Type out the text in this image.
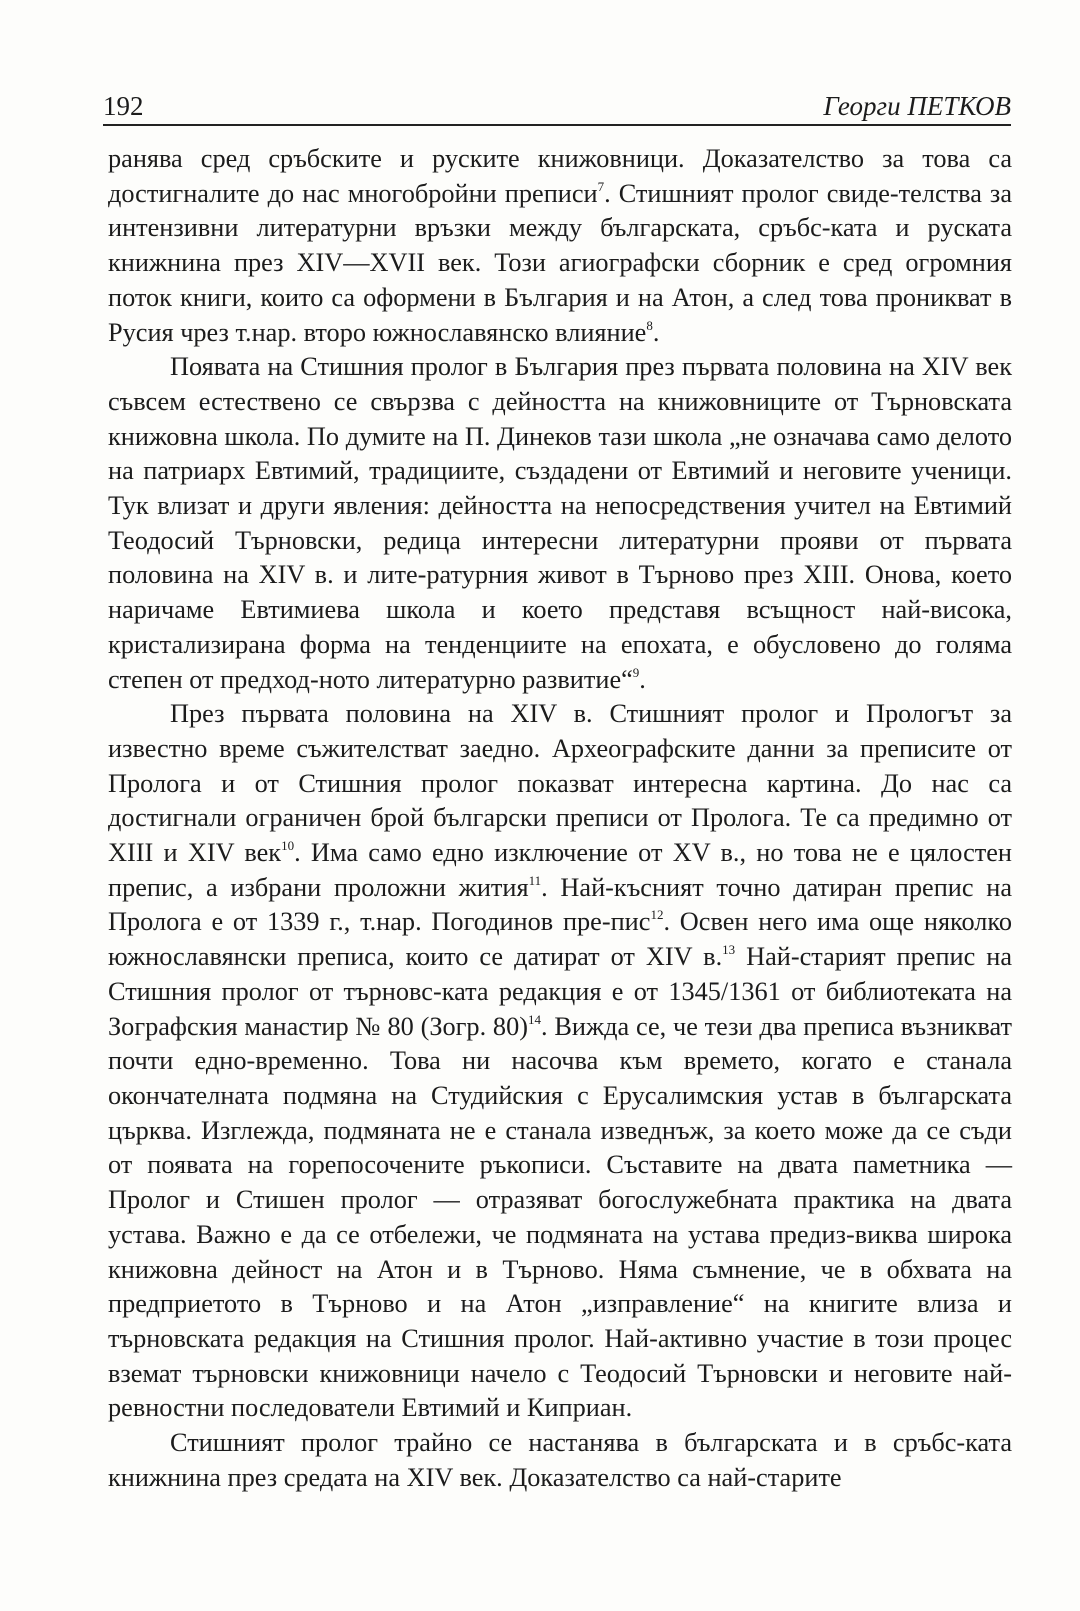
192	Георги ПЕТКОВ

ранява сред сръбските и руските книжовници. Доказателство за това са достигналите до нас многобройни преписи$^7$. Стишният пролог свиде-телства за интензивни литературни връзки между българската, сръбс-ката и руската книжнина през XIV—XVII век. Този агиографски сборник е сред огромния поток книги, които са оформени в България и на Атон, а след това проникват в Русия чрез т.нар. второ южнославянско влияние$^8$.

Появата на Стишния пролог в България през първата половина на XIV век съвсем естествено се свързва с дейността на книжовниците от Търновската книжовна школа. По думите на П. Динеков тази школа „не означава само делото на патриарх Евтимий, традициите, създадени от Евтимий и неговите ученици. Тук влизат и други явления: дейността на непосредствения учител на Евтимий Теодосий Търновски, редица интересни литературни прояви от първата половина на XIV в. и лите-ратурния живот в Търново през XIII. Онова, което наричаме Евтимиева школа и което представя всъщност най-висока, кристализирана форма на тенденциите на епохата, е обусловено до голяма степен от предход-ното литературно развитие“$^9$.

През първата половина на XIV в. Стишният пролог и Прологът за известно време съжителстват заедно. Археографските данни за преписите от Пролога и от Стишния пролог показват интересна картина. До нас са достигнали ограничен брой български преписи от Пролога. Те са предимно от XIII и XIV век$^{10}$. Има само едно изключение от XV в., но това не е цялостен препис, а избрани проложни жития$^{11}$. Най-късният точно датиран препис на Пролога е от 1339 г., т.нар. Погодинов пре-пис$^{12}$. Освен него има още няколко южнославянски преписа, които се датират от XIV в.$^{13}$ Най-старият препис на Стишния пролог от търновс-ката редакция е от 1345/1361 от библиотеката на Зографския манастир № 80 (Зогр. 80)$^{14}$. Вижда се, че тези два преписа възникват почти едно-временно. Това ни насочва към времето, когато е станала окончателната подмяна на Студийския с Ерусалимския устав в българската църква. Изглежда, подмяната не е станала изведнъж, за което може да се съди от появата на горепосочените ръкописи. Съставите на двата паметника — Пролог и Стишен пролог — отразяват богослужебната практика на двата устава. Важно е да се отбележи, че подмяната на устава предиз-виква широка книжовна дейност на Атон и в Търново. Няма съмнение, че в обхвата на предприетото в Търново и на Атон „изправление“ на книгите влиза и търновската редакция на Стишния пролог. Най-активно участие в този процес вземат търновски книжовници начело с Теодосий Търновски и неговите най-ревностни последователи Евтимий и Киприан.

Стишният пролог трайно се настанява в българската и в сръбс-ката книжнина през средата на XIV век. Доказателство са най-старите
